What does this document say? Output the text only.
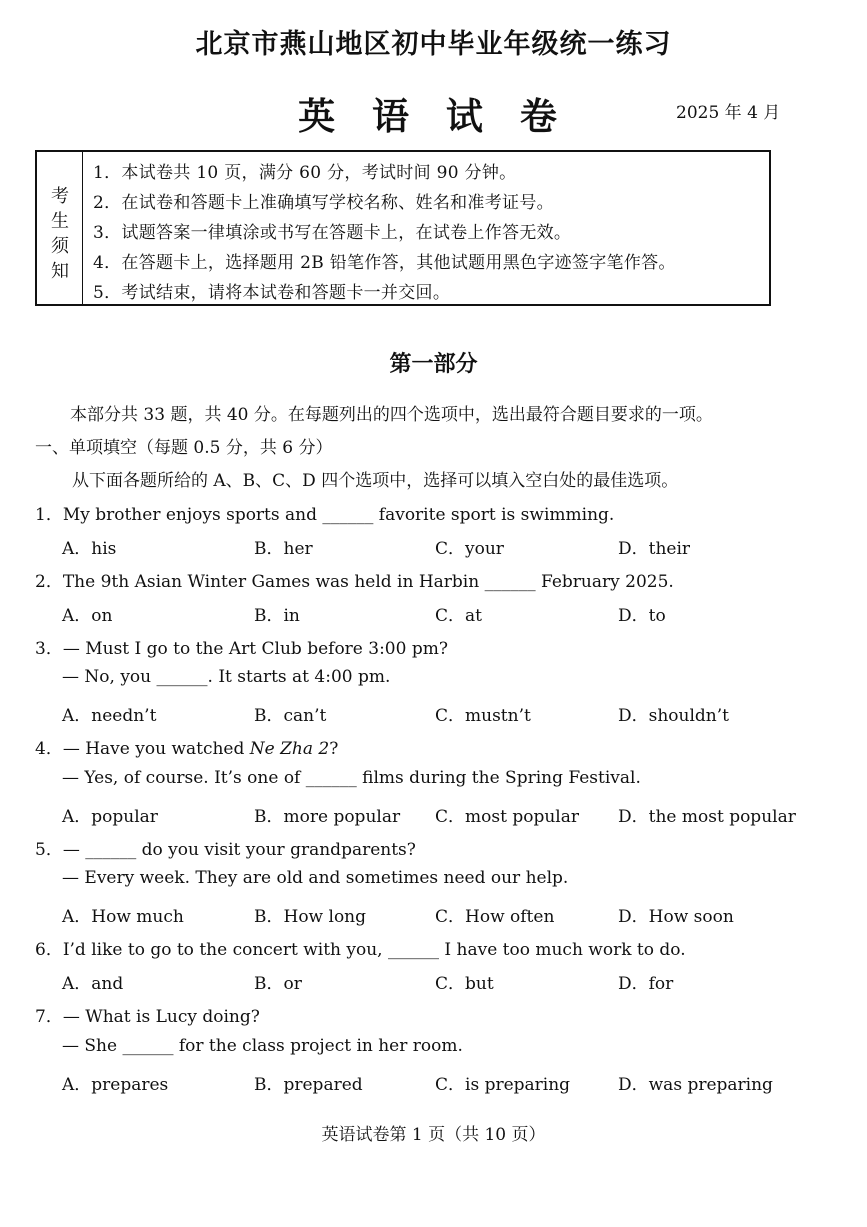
北京市燕山地区初中毕业年级统一练习
英 语 试 卷	2025 年 4 月
考
生
须
知
1．本试卷共 10 页，满分 60 分，考试时间 90 分钟。
2．在试卷和答题卡上准确填写学校名称、姓名和准考证号。
3．试题答案一律填涂或书写在答题卡上，在试卷上作答无效。
4．在答题卡上，选择题用 2B 铅笔作答，其他试题用黑色字迹签字笔作答。
5．考试结束，请将本试卷和答题卡一并交回。
第一部分
本部分共 33 题，共 40 分。在每题列出的四个选项中，选出最符合题目要求的一项。
一、单项填空（每题 0.5 分，共 6 分）
从下面各题所给的 A、B、C、D 四个选项中，选择可以填入空白处的最佳选项。
1．My brother enjoys sports and ______ favorite sport is swimming.
A．his	B．her	C．your	D．their
2．The 9th Asian Winter Games was held in Harbin ______ February 2025.
A．on	B．in	C．at	D．to
3．— Must I go to the Art Club before 3:00 pm?
— No, you ______. It starts at 4:00 pm.
A．needn’t	B．can’t	C．mustn’t	D．shouldn’t
4．— Have you watched Ne Zha 2?
— Yes, of course. It’s one of ______ films during the Spring Festival.
A．popular	B．more popular C．most popular D．the most popular
5．— ______ do you visit your grandparents?
— Every week. They are old and sometimes need our help.
A．How much	B．How long	C．How often	D．How soon
6．I’d like to go to the concert with you, ______ I have too much work to do.
A．and	B．or	C．but	D．for
7．— What is Lucy doing?
— She ______ for the class project in her room.
A．prepares	B．prepared	C．is preparing	D．was preparing
英语试卷第 1 页（共 10 页）
